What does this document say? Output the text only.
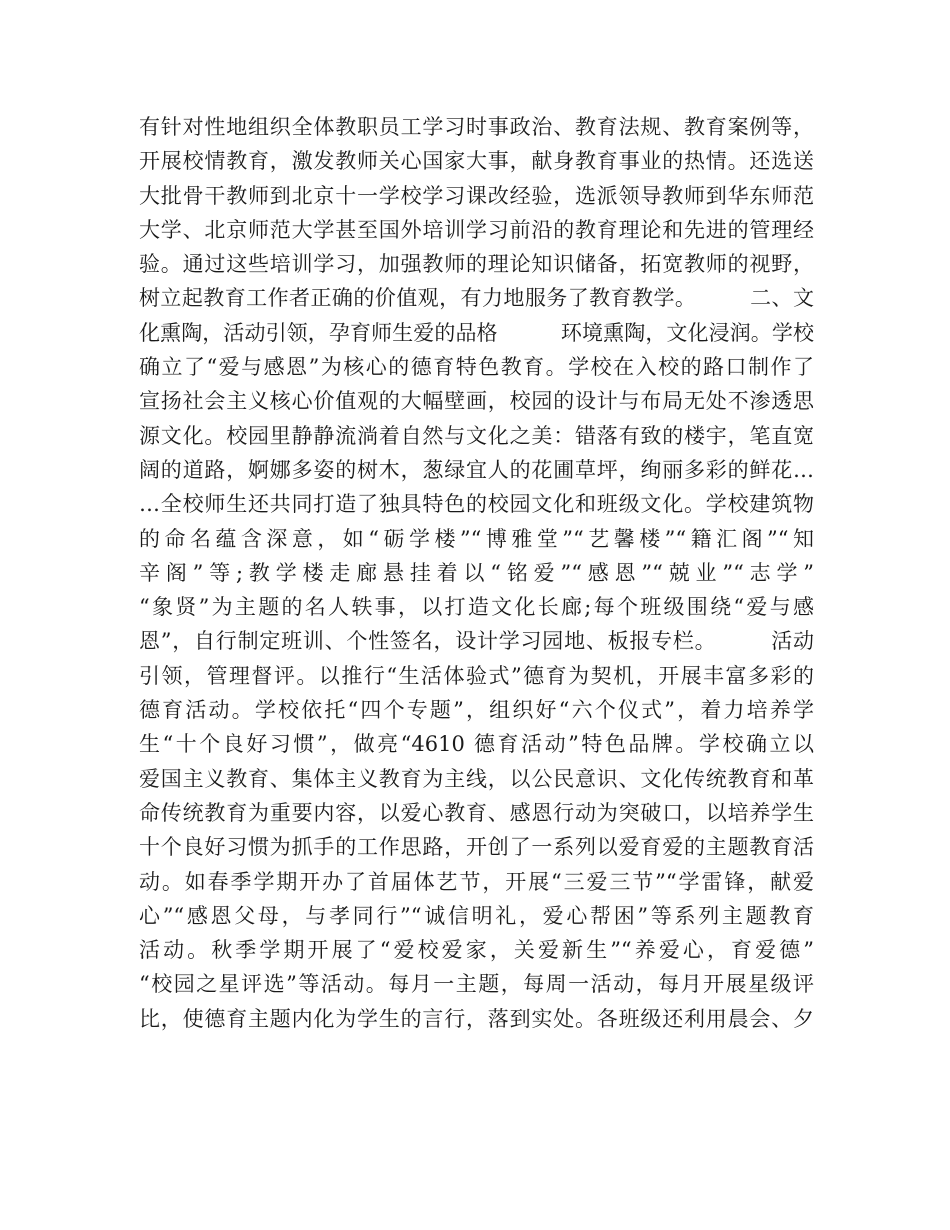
有针对性地组织全体教职员工学习时事政治、教育法规、教育案例等，
开展校情教育，激发教师关心国家大事，献身教育事业的热情。还选送
大批骨干教师到北京十一学校学习课改经验，选派领导教师到华东师范
大学、北京师范大学甚至国外培训学习前沿的教育理论和先进的管理经
验。通过这些培训学习，加强教师的理论知识储备，拓宽教师的视野，
树立起教育工作者正确的价值观，有力地服务了教育教学。　　　二、文
化熏陶，活动引领，孕育师生爱的品格　　　环境熏陶，文化浸润。学校
确立了“爱与感恩”为核心的德育特色教育。学校在入校的路口制作了
宣扬社会主义核心价值观的大幅壁画，校园的设计与布局无处不渗透思
源文化。校园里静静流淌着自然与文化之美：错落有致的楼宇，笔直宽
阔的道路，婀娜多姿的树木，葱绿宜人的花圃草坪，绚丽多彩的鲜花…
…全校师生还共同打造了独具特色的校园文化和班级文化。学校建筑物
的命名蕴含深意，如“砺学楼”“博雅堂”“艺馨楼”“籍汇阁”“知
辛阁”等;教学楼走廊悬挂着以“铭爱”“感恩”“兢业”“志学”
“象贤”为主题的名人轶事，以打造文化长廊;每个班级围绕“爱与感
恩”，自行制定班训、个性签名，设计学习园地、板报专栏。　　　活动
引领，管理督评。以推行“生活体验式”德育为契机，开展丰富多彩的
德育活动。学校依托“四个专题”，组织好“六个仪式”，着力培养学
生“十个良好习惯”，做亮“4610 德育活动”特色品牌。学校确立以
爱国主义教育、集体主义教育为主线，以公民意识、文化传统教育和革
命传统教育为重要内容，以爱心教育、感恩行动为突破口，以培养学生
十个良好习惯为抓手的工作思路，开创了一系列以爱育爱的主题教育活
动。如春季学期开办了首届体艺节，开展“三爱三节”“学雷锋，献爱
心”“感恩父母，与孝同行”“诚信明礼，爱心帮困”等系列主题教育
活动。秋季学期开展了“爱校爱家，关爱新生”“养爱心，育爱德”
“校园之星评选”等活动。每月一主题，每周一活动，每月开展星级评
比，使德育主题内化为学生的言行，落到实处。各班级还利用晨会、夕
